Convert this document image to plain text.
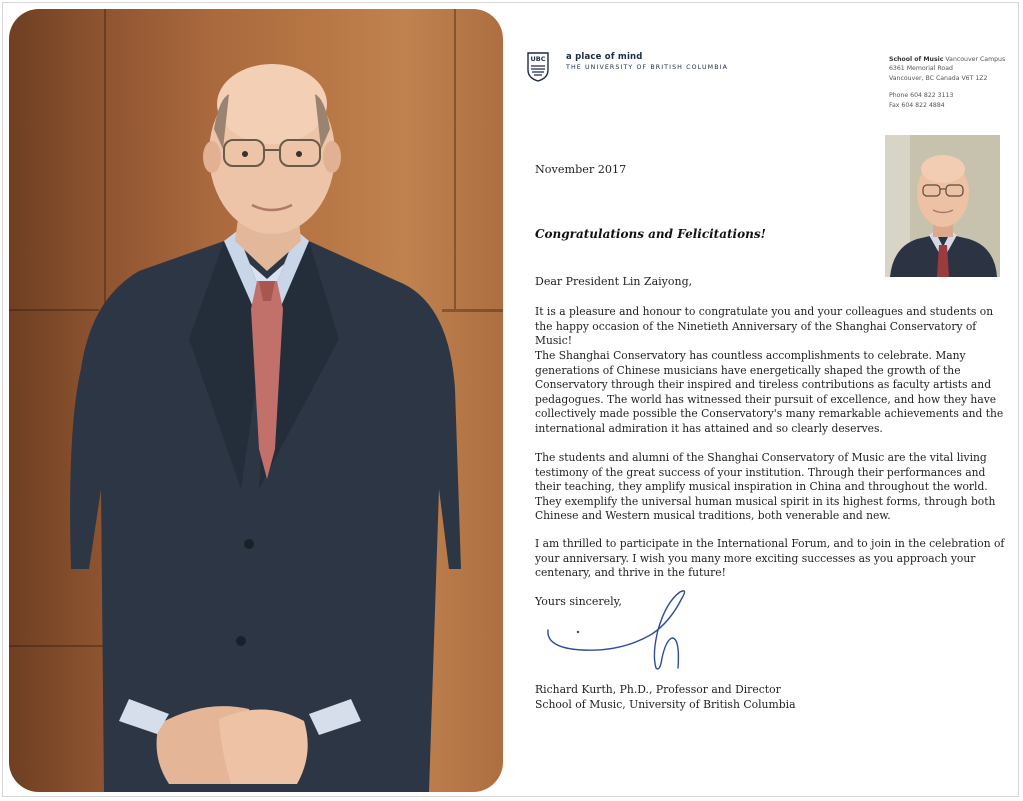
UBC a place of mind
THE UNIVERSITY OF BRITISH COLUMBIA
School of Music Vancouver Campus
6361 Memorial Road
Vancouver, BC Canada V6T 1Z2
Phone 604 822 3113
Fax 604 822 4884
November 2017
Congratulations and Felicitations!
Dear President Lin Zaiyong,

It is a pleasure and honour to congratulate you and your colleagues and students on the happy occasion of the Ninetieth Anniversary of the Shanghai Conservatory of Music!

The Shanghai Conservatory has countless accomplishments to celebrate. Many generations of Chinese musicians have energetically shaped the growth of the Conservatory through their inspired and tireless contributions as faculty artists and pedagogues. The world has witnessed their pursuit of excellence, and how they have collectively made possible the Conservatory's many remarkable achievements and the international admiration it has attained and so clearly deserves.

The students and alumni of the Shanghai Conservatory of Music are the vital living testimony of the great success of your institution. Through their performances and their teaching, they amplify musical inspiration in China and throughout the world. They exemplify the universal human musical spirit in its highest forms, through both Chinese and Western musical traditions, both venerable and new.

I am thrilled to participate in the International Forum, and to join in the celebration of your anniversary. I wish you many more exciting successes as you approach your centenary, and thrive in the future!

Yours sincerely,
Richard Kurth, Ph.D., Professor and Director
School of Music, University of British Columbia
